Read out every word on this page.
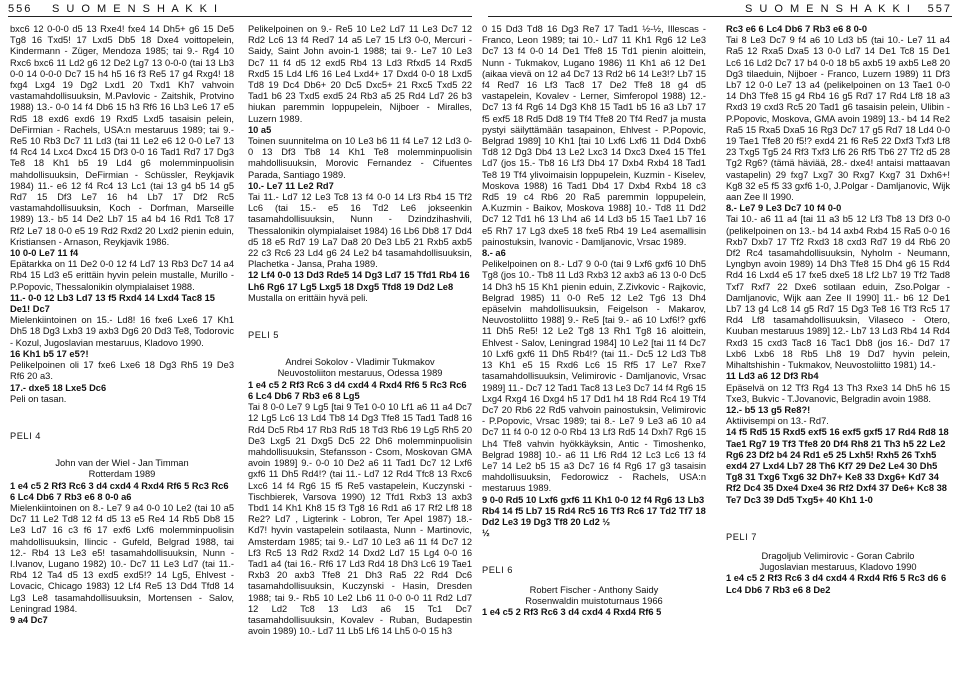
556 S U O M E N S H A K K I

bxc6 12 0-0-0 d5 13 Rxe4! fxe4 14 Dh5+ g6 15 De5 Tg8 16 Txd5! 17 Lxd5 Db5 18 Dxe4 voittopelein, Kindermann - Züger, Mendoza 1985; tai 9.- Rg4 10 Rxc6 bxc6 11 Ld2 g6 12 De2 Lg7 13 0-0-0 (tai 13 Lb3 0-0 14 0-0-0 Dc7 15 h4 h5 16 f3 Re5 17 g4 Rxg4! 18 fxg4 Lxg4 19 Dg2 Lxd1 20 Txd1 Kh7 vahvoin vastamahdollisuuksin, M.Pavlovic - Zaitshik, Protvino 1988) 13.- 0-0 14 f4 Db6 15 h3 Rf6 16 Lb3 Le6 17 e5 Rd5 18 exd6 exd6 19 Rxd5 Lxd5 tasaisin pelein, DeFirmian - Rachels, USA:n mestaruus 1989; tai 9.- Re5 10 Rb3 Dc7 11 Ld3 (tai 11 Le2 e6 12 0-0 Le7 13 f4 Rc4 14 Lxc4 Dxc4 15 Df3 0-0 16 Tad1 Rd7 17 Dg3 Te8 18 Kh1 b5 19 Ld4 g6 molemminpuolisin mahdollisuuksin, DeFirmian - Schüssler, Reykjavik 1984) 11.- e6 12 f4 Rc4 13 Lc1 (tai 13 g4 b5 14 g5 Rd7 15 Df3 Le7 16 h4 Lb7 17 Df2 Rc5 vastamahdollisuuksin, Koch - Dorfman, Marseille 1989) 13.- b5 14 De2 Lb7 15 a4 b4 16 Rd1 Tc8 17 Rf2 Le7 18 0-0 e5 19 Rd2 Rxd2 20 Lxd2 pienin eduin, Kristiansen - Arnason, Reykjavik 1986.

10 0-0 Le7 11 f4

Epätarkka on 11 De2 0-0 12 f4 Ld7 13 Rb3 Dc7 14 a4 Rb4 15 Ld3 e5 erittäin hyvin pelein mustalle, Murillo - P.Popovic, Thessalonikin olympialaiset 1988.

11.- 0-0 12 Lb3 Ld7 13 f5 Rxd4 14 Lxd4 Tac8 15 De1! Dc7

Mielenkiintoinen on 15.- Ld8! 16 fxe6 Lxe6 17 Kh1 Dh5 18 Dg3 Lxb3 19 axb3 Dg6 20 Dd3 Te8, Todorovic - Kozul, Jugoslavian mestaruus, Kladovo 1990.

16 Kh1 b5 17 e5?!

Pelikelpoinen oli 17 fxe6 Lxe6 18 Dg3 Rh5 19 De3 Rf6 20 a3.

17.- dxe5 18 Lxe5 Dc6

Peli on tasan.

PELI 4

John van der Wiel - Jan Timman

Rotterdam 1989

1 e4 c5 2 Rf3 Rc6 3 d4 cxd4 4 Rxd4 Rf6 5 Rc3 Rc6 6 Lc4 Db6 7 Rb3 e6 8 0-0 a6

Mielenkiintoinen on 8.- Le7 9 a4 0-0 10 Le2 (tai 10 a5 Dc7 11 Le2 Td8 12 f4 d5 13 e5 Re4 14 Rb5 Db8 15 Le3 Ld7 16 c3 f6 17 exf6 Lxf6 molemminpuolisin mahdollisuuksin, Ilincic - Gufeld, Belgrad 1988, tai 12.- Rb4 13 Le3 e5! tasamahdollisuuksin, Nunn - I.Ivanov, Lugano 1982) 10.- Dc7 11 Le3 Ld7 (tai 11.- Rb4 12 Ta4 d5 13 exd5 exd5!? 14 Lg5, Ehlvest - Lovacic, Chicago 1983) 12 Lf4 Re5 13 Dd4 Tfd8 14 Lg3 Le8 tasamahdollisuuksin, Mortensen - Salov, Leningrad 1984.

9 a4 Dc7

Pelikelpoinen on 9.- Re5 10 Le2 Ld7 11 Le3 Dc7 12 Rd2 Lc6 13 f4 Red7 14 a5 Le7 15 Lf3 0-0, Mercuri - Saidy, Saint John avoin-1 1988; tai 9.- Le7 10 Le3 Dc7 11 f4 d5 12 exd5 Rb4 13 Ld3 Rfxd5 14 Rxd5 Rxd5 15 Ld4 Lf6 16 Le4 Lxd4+ 17 Dxd4 0-0 18 Lxd5 Td8 19 Dc4 Db6+ 20 Dc5 Dxc5+ 21 Rxc5 Txd5 22 Tad1 b6 23 Txd5 exd5 24 Rb3 a5 25 Rd4 Ld7 26 b3 hiukan paremmin loppupelein, Nijboer - Miralles, Luzern 1989.

10 a5

Toinen suunnitelma on 10 Le3 b6 11 f4 Le7 12 Ld3 0-0 13 Df3 Tb8 14 Kh1 Te8 molemminpuolisin mahdollisuuksin, Morovic Fernandez - Cifuentes Parada, Santiago 1989.

10.- Le7 11 Le2 Rd7

Tai 11.- Ld7 12 Le3 Tc8 13 f4 0-0 14 Lf3 Rb4 15 Tf2 Lc6 (tai 15.- e5 16 Td2 Le6 jokseenkin tasamahdollisuuksin, Nunn - Dzindzihashvili, Thessalonikin olympialaiset 1984) 16 Lb6 Db8 17 Dd4 d5 18 e5 Rd7 19 La7 Da8 20 De3 Lb5 21 Rxb5 axb5 22 c3 Rc6 23 Ld4 g6 24 Le2 b4 tasamahdollisuuksin, Plachetka - Jansa, Praha 1989.

12 Lf4 0-0 13 Dd3 Rde5 14 Dg3 Ld7 15 Tfd1 Rb4 16 Lh6 Rg6 17 Lg5 Lxg5 18 Dxg5 Tfd8 19 Dd2 Le8

Mustalla on erittäin hyvä peli.

PELI 5

Andrei Sokolov - Vladimir Tukmakov

Neuvostoliiton mestaruus, Odessa 1989

1 e4 c5 2 Rf3 Rc6 3 d4 cxd4 4 Rxd4 Rf6 5 Rc3 Rc6 6 Lc4 Db6 7 Rb3 e6 8 Lg5

Tai 8 0-0 Le7 9 Lg5 [tai 9 Te1 0-0 10 Lf1 a6 11 a4 Dc7 12 Lg5 Lc6 13 Ld4 Tb8 14 Dg3 Tfe8 15 Tad1 Tad8 16 Rd4 Dc5 Rb4 17 Rb3 Rd5 18 Td3 Rb6 19 Lg5 Rh5 20 De3 Lxg5 21 Dxg5 Dc5 22 Dh6 molemminpuolisin mahdollisuuksin, Stefansson - Csom, Moskovan GMA avoin 1989] 9.- 0-0 10 De2 a6 11 Tad1 Dc7 12 Lxf6 gxf6 11 Dh5 Rd4!? (tai 11.- Ld7 12 Rd4 Tfc8 13 Rxc6 Lxc6 14 f4 Rg6 15 f5 Re5 vastapelein, Kuczynski - Tischbierek, Varsova 1990) 12 Tfd1 Rxb3 13 axb3 Tbd1 14 Kh1 Kh8 15 f3 Tg8 16 Rd1 a6 17 Rf2 Lf8 18 Re2? Ld7 , Ligterink - Lobron, Ter Apel 1987) 18.- Kd7! hyvin vastapelein sotilaasta, Nunn - Martinovic, Amsterdam 1985; tai 9.- Ld7 10 Le3 a6 11 f4 Dc7 12 Lf3 Rc5 13 Rd2 Rxd2 14 Dxd2 Ld7 15 Lg4 0-0 16 Tad1 a4 (tai 16.- Rf6 17 Ld3 Rd4 18 Dh3 Lc6 19 Tae1 Rxb3 20 axb3 Tfe8 21 Dh3 Ra5 22 Rd4 Dc6 tasamahdollisuuksin, Kuczynski - Hasin, Dresden 1988; tai 9.- Rb5 10 Le2 Lb6 11 0-0 0-0 11 Rd2 Ld7 12 Ld2 Tc8 13 Ld3 a6 15 Tc1 Dc7 tasamahdollisuuksin, Kovalev - Ruban, Budapestin avoin 1989) 10.- Ld7 11 Lb5 Lf6 14 Lh5 0-0 15 h3

S U O M E N S H A K K I 557

0 15 Dd3 Td8 16 Dg3 Re7 17 Tad1 ½-½, Illescas - Franco, Leon 1989; tai 10.- Ld7 11 Kh1 Rg6 12 Le3 Dc7 13 f4 0-0 14 De1 Tfe8 15 Td1 pienin aloittein, Nunn - Tukmakov, Lugano 1986) 11 Kh1 a6 12 De1 (aikaa vievä on 12 a4 Dc7 13 Rd2 b6 14 Le3!? Lb7 15 f4 Red7 16 Lf3 Tac8 17 De2 Tfe8 18 g4 d5 vastapelein, Kovalev - Lerner, Simferopol 1988) 12.- Dc7 13 f4 Rg6 14 Dg3 Kh8 15 Tad1 b5 16 a3 Lb7 17 f5 exf5 18 Rd5 Dd8 19 Tf4 Tfe8 20 Tf4 Red7 ja musta pystyi säilyttämään tasapainon, Ehlvest - P.Popovic, Belgrad 1989] 10 Kh1 [tai 10 Lxf6 Lxf6 11 Dd4 Dxb6 Td8 12 Dg3 Db4 13 Le2 Lxc3 14 Dxc3 Dxe4 15 Tfe1 Ld7 (jos 15.- Tb8 16 Lf3 Db4 17 Dxb4 Rxb4 18 Tad1 Te8 19 Tf4 ylivoimaisin loppupelein, Kuzmin - Kiselev, Moskova 1988) 16 Tad1 Db4 17 Dxb4 Rxb4 18 c3 Rd5 19 c4 Rb6 20 Ra5 paremmin loppupelein, A.Kuzmin - Baikov, Moskova 1988] 10.- Td8 11 Dd2 Dc7 12 Td1 h6 13 Lh4 a6 14 Ld3 b5 15 Tae1 Lb7 16 e5 Rh7 17 Lg3 dxe5 18 fxe5 Rb4 19 Le4 asemallisin painostuksin, Ivanovic - Damljanovic, Vrsac 1989.

8.- a6

Pelikelpoinen on 8.- Ld7 9 0-0 (tai 9 Lxf6 gxf6 10 Dh5 Tg8 (jos 10.- Tb8 11 Ld3 Rxb3 12 axb3 a6 13 0-0 Dc5 14 Dh3 h5 15 Kh1 pienin eduin, Z.Zivkovic - Rajkovic, Belgrad 1985) 11 0-0 Re5 12 Le2 Tg6 13 Dh4 epäselvin mahdollisuuksin, Feigelson - Makarov, Neuvostoliitto 1988] 9.- Re5 [tai 9.- a6 10 Lxf6!? gxf6 11 Dh5 Re5! 12 Le2 Tg8 13 Rh1 Tg8 16 aloittein, Ehlvest - Salov, Leningrad 1984] 10 Le2 [tai 11 f4 Dc7 10 Lxf6 gxf6 11 Dh5 Rb4!? (tai 11.- Dc5 12 Ld3 Tb8 13 Kh1 e5 15 Rxd6 Lc6 15 Rf5 17 Le7 Rxe7 tasamahdollisuuksin, Velimirovic - Damljanovic, Vrsac 1989] 11.- Dc7 12 Tad1 Tac8 13 Le3 Dc7 14 f4 Rg6 15 Lxg4 Rxg4 16 Dxg4 h5 17 Dd1 h4 18 Rd4 Rc4 19 Tf4 Dc7 20 Rb6 22 Rd5 vahvoin painostuksin, Velimirovic - P.Popovic, Vrsac 1989; tai 8.- Le7 9 Le3 a6 10 a4 Dc7 11 f4 0-0 12 0-0 Rb4 13 Lf3 Rd5 14 Dxh7 Rg6 15 Lh4 Tfe8 vahvin hyökkäyksin, Antic - Timoshenko, Belgrad 1988] 10.- a6 11 Lf6 Rd4 12 Lc3 Lc6 13 f4 Le7 14 Le2 b5 15 a3 Dc7 16 f4 Rg6 17 g3 tasaisin mahdollisuuksin, Fedorowicz - Rachels, USA:n mestaruus 1989.

9 0-0 Rd5 10 Lxf6 gxf6 11 Kh1 0-0 12 f4 Rg6 13 Lb3 Rb4 14 f5 Lb7 15 Rd4 Rc5 16 Tf3 Rc6 17 Td2 Tf7 18 Dd2 Le3 19 Dg3 Tf8 20 Ld2 ½

½

PELI 6

Robert Fischer - Anthony Saidy

Rosenwaldin muistoturnaus 1966

1 e4 c5 2 Rf3 Rc6 3 d4 cxd4 4 Rxd4 Rf6 5

Rc3 e6 6 Lc4 Db6 7 Rb3 e6 8 0-0

Tai 8 Le3 Dc7 9 f4 a6 10 Ld3 b5 (tai 10.- Le7 11 a4 Ra5 12 Rxa5 Dxa5 13 0-0 Ld7 14 De1 Tc8 15 De1 Lc6 16 Ld2 Dc7 17 b4 0-0 18 b5 axb5 19 axb5 Le8 20 Dg3 tilaeduin, Nijboer - Franco, Luzern 1989) 11 Df3 Lb7 12 0-0 Le7 13 a4 (pelikelpoinen on 13 Tae1 0-0 14 Dh3 Tfe8 15 g4 Rb4 16 g5 Rd7 17 Rd4 Lf8 18 a3 Rxd3 19 cxd3 Rc5 20 Tad1 g6 tasaisin pelein, Ulibin - P.Popovic, Moskova, GMA avoin 1989] 13.- b4 14 Re2 Ra5 15 Rxa5 Dxa5 16 Rg3 Dc7 17 g5 Rd7 18 Ld4 0-0 19 Tae1 Tfe8 20 f5!? exd4 21 f6 Re5 22 Dxf3 Txf3 Lf8 23 Txg5 Tg5 24 Rf3 Txf3 Lf6 26 Rf5 Tb6 27 Tf2 d5 28 Tg2 Rg6? (tämä häviää, 28.- dxe4! antaisi mattaavan vastapelin) 29 fxg7 Lxg7 30 Rxg7 Kxg7 31 Dxh6+! Kg8 32 e5 f5 33 gxf6 1-0, J.Polgar - Damljanovic, Wijk aan Zee II 1990.

8.- Le7 9 Le3 Dc7 10 f4 0-0

Tai 10.- a6 11 a4 [tai 11 a3 b5 12 Lf3 Tb8 13 Df3 0-0 (pelikelpoinen on 13.- b4 14 axb4 Rxb4 15 Ra5 0-0 16 Rxb7 Dxb7 17 Tf2 Rxd3 18 cxd3 Rd7 19 d4 Rb6 20 Df2 Rc4 tasamahdollisuuksin, Nyholm - Neumann, Lyngbyn avoin 1989) 14 Dh3 Tfe8 15 Dh4 g6 15 Rd4 Rd4 16 Lxd4 e5 17 fxe5 dxe5 18 Lf2 Lb7 19 Tf2 Tad8 Txf7 Rxf7 22 Dxe6 sotilaan eduin, Zso.Polgar - Damljanovic, Wijk aan Zee II 1990] 11.- b6 12 De1 Lb7 13 g4 Lc8 14 g5 Rd7 15 Dg3 Te8 16 Tf3 Rc5 17 Rd4 Lf8 tasamahdollisuuksin, Vilaseco - Otero, Kuuban mestaruus 1989] 12.- Lb7 13 Ld3 Rb4 14 Rd4 Rxd3 15 cxd3 Tac8 16 Tac1 Db8 (jos 16.- Dd7 17 Lxb6 Lxb6 18 Rb5 Lh8 19 Dd7 hyvin pelein, Mihaltshishin - Tukmakov, Neuvostoliitto 1981) 14.-

11 Ld3 a6 12 Df3 Rb4

Epäselvä on 12 Tf3 Rg4 13 Th3 Rxe3 14 Dh5 h6 15 Txe3, Bukvic - T.Jovanovic, Belgradin avoin 1988.

12.- b5 13 g5 Re8?!

Aktiivisempi on 13.- Rd7.

14 f5 Rd5 15 Rxd5 exf5 16 exf5 gxf5 17 Rd4 Rd8 18 Tae1 Rg7 19 Tf3 Tfe8 20 Df4 Rh8 21 Th3 h5 22 Le2 Rg6 23 Df2 b4 24 Rd1 e5 25 Lxh5! Rxh5 26 Txh5 exd4 27 Lxd4 Lb7 28 Th6 Kf7 29 De2 Le4 30 Dh5 Tg8 31 Txg6 Txg6 32 Dh7+ Ke8 33 Dxg6+ Kd7 34 Rf2 Dc4 35 Dxe4 Dxe4 36 Rf2 Dxf4 37 De6+ Kc8 38 Te7 Dc3 39 Dd5 Txg5+ 40 Kh1 1-0

PELI 7

Dragoljub Velimirovic - Goran Cabrilo

Jugoslavian mestaruus, Kladovo 1990

1 e4 c5 2 Rf3 Rc6 3 d4 cxd4 4 Rxd4 Rf6 5 Rc3 d6 6 Lc4 Db6 7 Rb3 e6 8 De2
